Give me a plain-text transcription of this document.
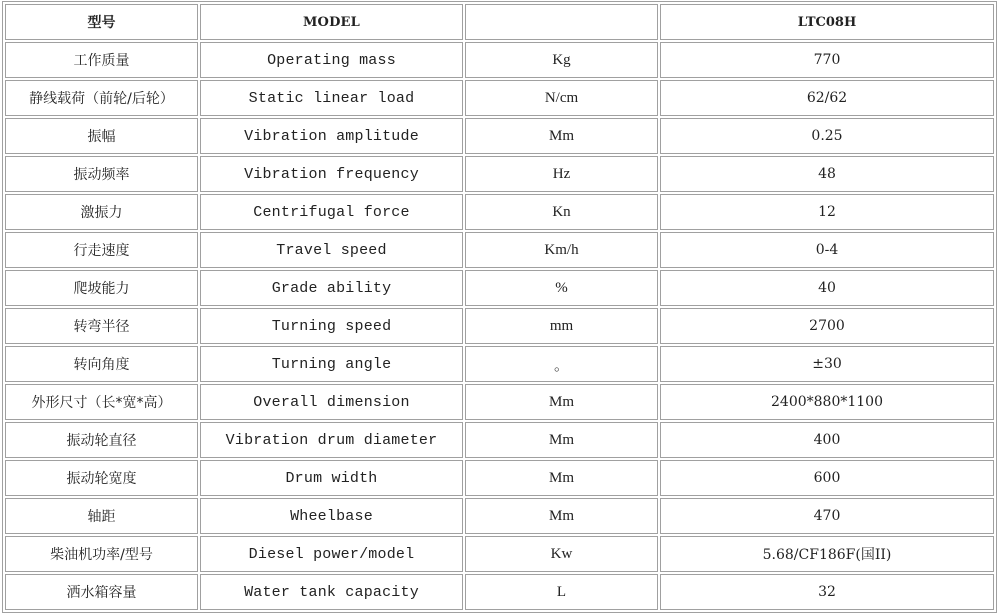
型号	MODEL		LTC08H
工作质量	Operating mass	Kg	770
静线载荷（前轮/后轮）	Static linear load	N/cm	62/62
振幅	Vibration amplitude	Mm	0.25
振动频率	Vibration frequency	Hz	48
激振力	Centrifugal force	Kn	12
行走速度	Travel speed	Km/h	0-4
爬坡能力	Grade ability	%	40
转弯半径	Turning speed	mm	2700
转向角度	Turning angle	。	±30
外形尺寸（长*宽*高）	Overall dimension	Mm	2400*880*1100
振动轮直径	Vibration drum diameter	Mm	400
振动轮宽度	Drum width	Mm	600
轴距	Wheelbase	Mm	470
柴油机功率/型号	Diesel power/model	Kw	5.68/CF186F(国II)
洒水箱容量	Water tank capacity	L	32
